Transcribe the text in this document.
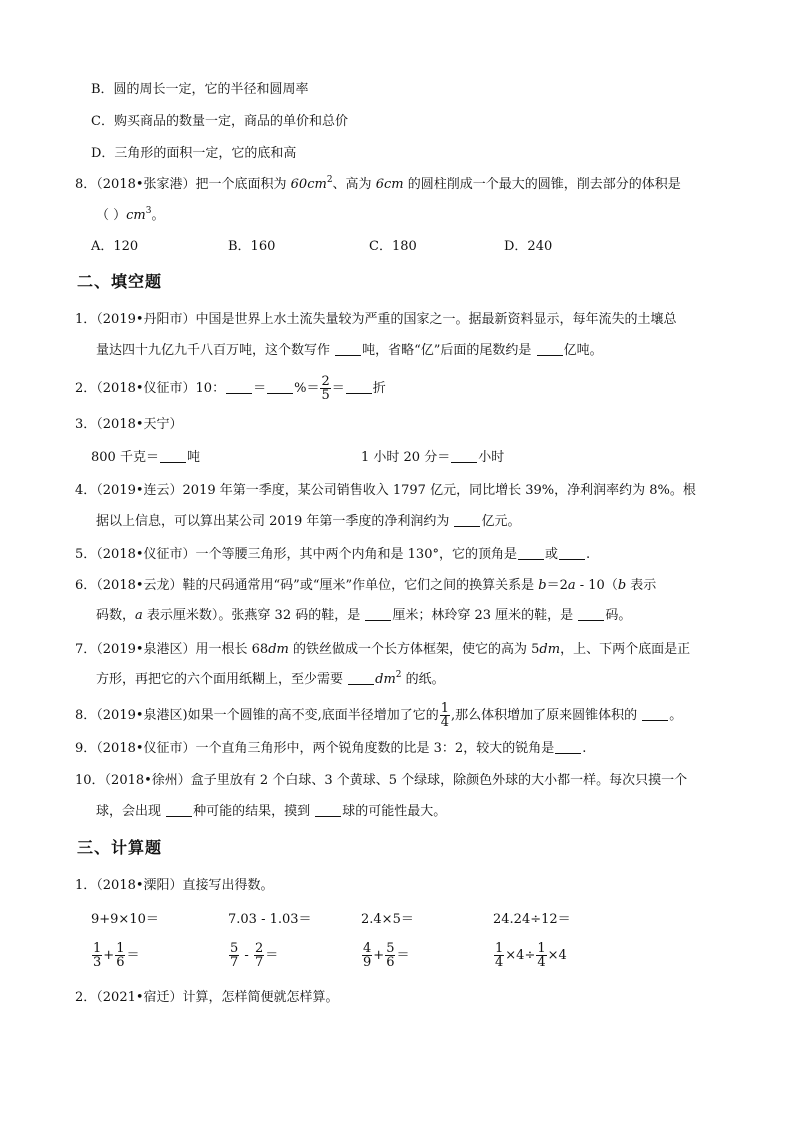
B．圆的周长一定，它的半径和圆周率
C．购买商品的数量一定，商品的单价和总价
D．三角形的面积一定，它的底和高
8．（2018•张家港）把一个底面积为 $60cm^2$、高为 6cm 的圆柱削成一个最大的圆锥，削去部分的体积是
（ ）$cm^3$。
A．120	B．160	C．180	D．240
二、填空题
1．（2019•丹阳市）中国是世界上水土流失量较为严重的国家之一。据最新资料显示，每年流失的土壤总
量达四十九亿九千八百万吨，这个数写作 吨，省略“亿”后面的尾数约是 亿吨。
2．（2018•仪征市）10： ＝ %＝ $\frac{2}{5}$ ＝ 折
3．（2018•天宁）
800 千克＝ 吨	1 小时 20 分＝ 小时
4．（2019•连云）2019 年第一季度，某公司销售收入 1797 亿元，同比增长 39%，净利润率约为 8%。根
据以上信息，可以算出某公司 2019 年第一季度的净利润约为 亿元。
5．（2018•仪征市）一个等腰三角形，其中两个内角和是 130°，它的顶角是 或 .
6．（2018•云龙）鞋的尺码通常用“码”或“厘米”作单位，它们之间的换算关系是 b＝2a - 10（b 表示
码数，a 表示厘米数）。张燕穿 32 码的鞋，是 厘米；林玲穿 23 厘米的鞋，是 码。
7．（2019•泉港区）用一根长 68dm 的铁丝做成一个长方体框架，使它的高为 5dm，上、下两个底面是正
方形，再把它的六个面用纸糊上，至少需要 $dm^2$ 的纸。
8．（2019•泉港区)如果一个圆锥的高不变,底面半径增加了它的 $\frac{1}{4}$ ,那么体积增加了原来圆锥体积的 。
9．（2018•仪征市）一个直角三角形中，两个锐角度数的比是 3：2，较大的锐角是 .
10．（2018•徐州）盒子里放有 2 个白球、3 个黄球、5 个绿球，除颜色外球的大小都一样。每次只摸一个
球，会出现 种可能的结果，摸到 球的可能性最大。
三、计算题
1．（2018•溧阳）直接写出得数。
9+9×10＝	7.03 - 1.03＝	2.4×5＝	24.24÷12＝
$\frac{1}{3} + \frac{1}{6}$ ＝	$\frac{5}{7} - \frac{2}{7}$ ＝	$\frac{4}{9} + \frac{5}{6}$ ＝	$\frac{1}{4} \times 4\div \frac{1}{4} \times 4$
2．（2021•宿迁）计算，怎样简便就怎样算。
